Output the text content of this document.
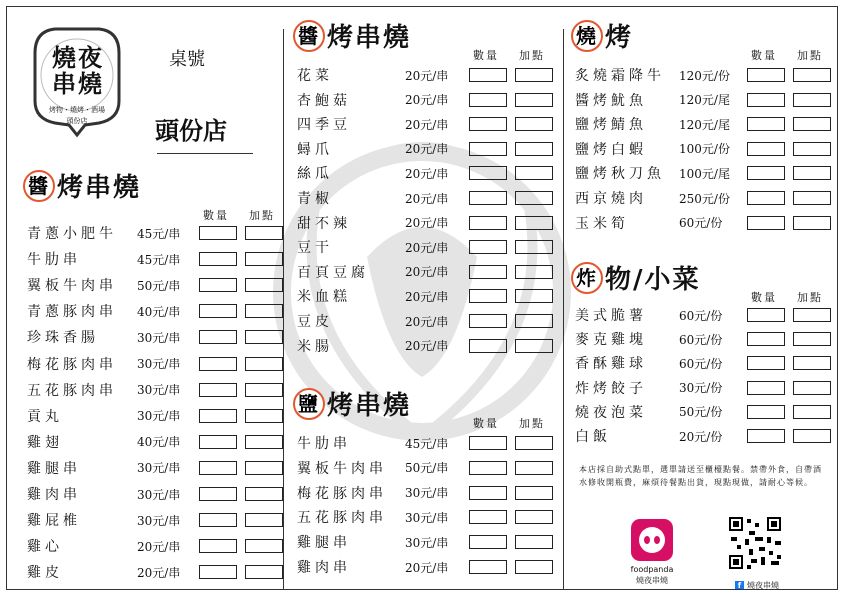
燒夜
串燒
烤物・燒烤・酒場
頭份店
桌號
頭份店
醬 烤串燒
數量 加點
青蔥小肥牛 45元/串
牛肋串	45元/串
翼板牛肉串 50元/串
青蔥豚肉串 40元/串
珍珠香腸	30元/串
梅花豚肉串 30元/串
五花豚肉串 30元/串
貢丸	30元/串
雞翅	40元/串
雞腿串	30元/串
雞肉串	30元/串
雞屁椎	30元/串
雞心	20元/串
雞皮	20元/串
醬 烤串燒
數量 加點
花菜	20元/串
杏鮑菇	20元/串
四季豆	20元/串
蟳爪	20元/串
絲瓜	20元/串
青椒	20元/串
甜不辣	20元/串
豆干	20元/串
百頁豆腐	20元/串
米血糕	20元/串
豆皮	20元/串
米腸	20元/串
鹽 烤串燒
數量 加點
牛肋串	45元/串
翼板牛肉串 50元/串
梅花豚肉串 30元/串
五花豚肉串 30元/串
雞腿串	30元/串
雞肉串	20元/串
燒 烤
數量 加點
炙燒霜降牛 120元/份
醬烤魷魚	120元/尾
鹽烤鯖魚	120元/尾
鹽烤白蝦	100元/份
鹽烤秋刀魚 100元/尾
西京燒肉	250元/份
玉米筍	60元/份
炸 物/小菜
數量 加點
美式脆薯	60元/份
麥克雞塊	60元/份
香酥雞球	60元/份
炸烤餃子	30元/份
燒夜泡菜	50元/份
白飯	20元/份
本店採自助式點單，選單請送至櫃檯點餐。禁帶外食，自帶酒水修收開瓶費，麻煩待餐點出貨，現點現做，請耐心等候。
foodpanda
燒夜串燒
f 燒夜串燒
